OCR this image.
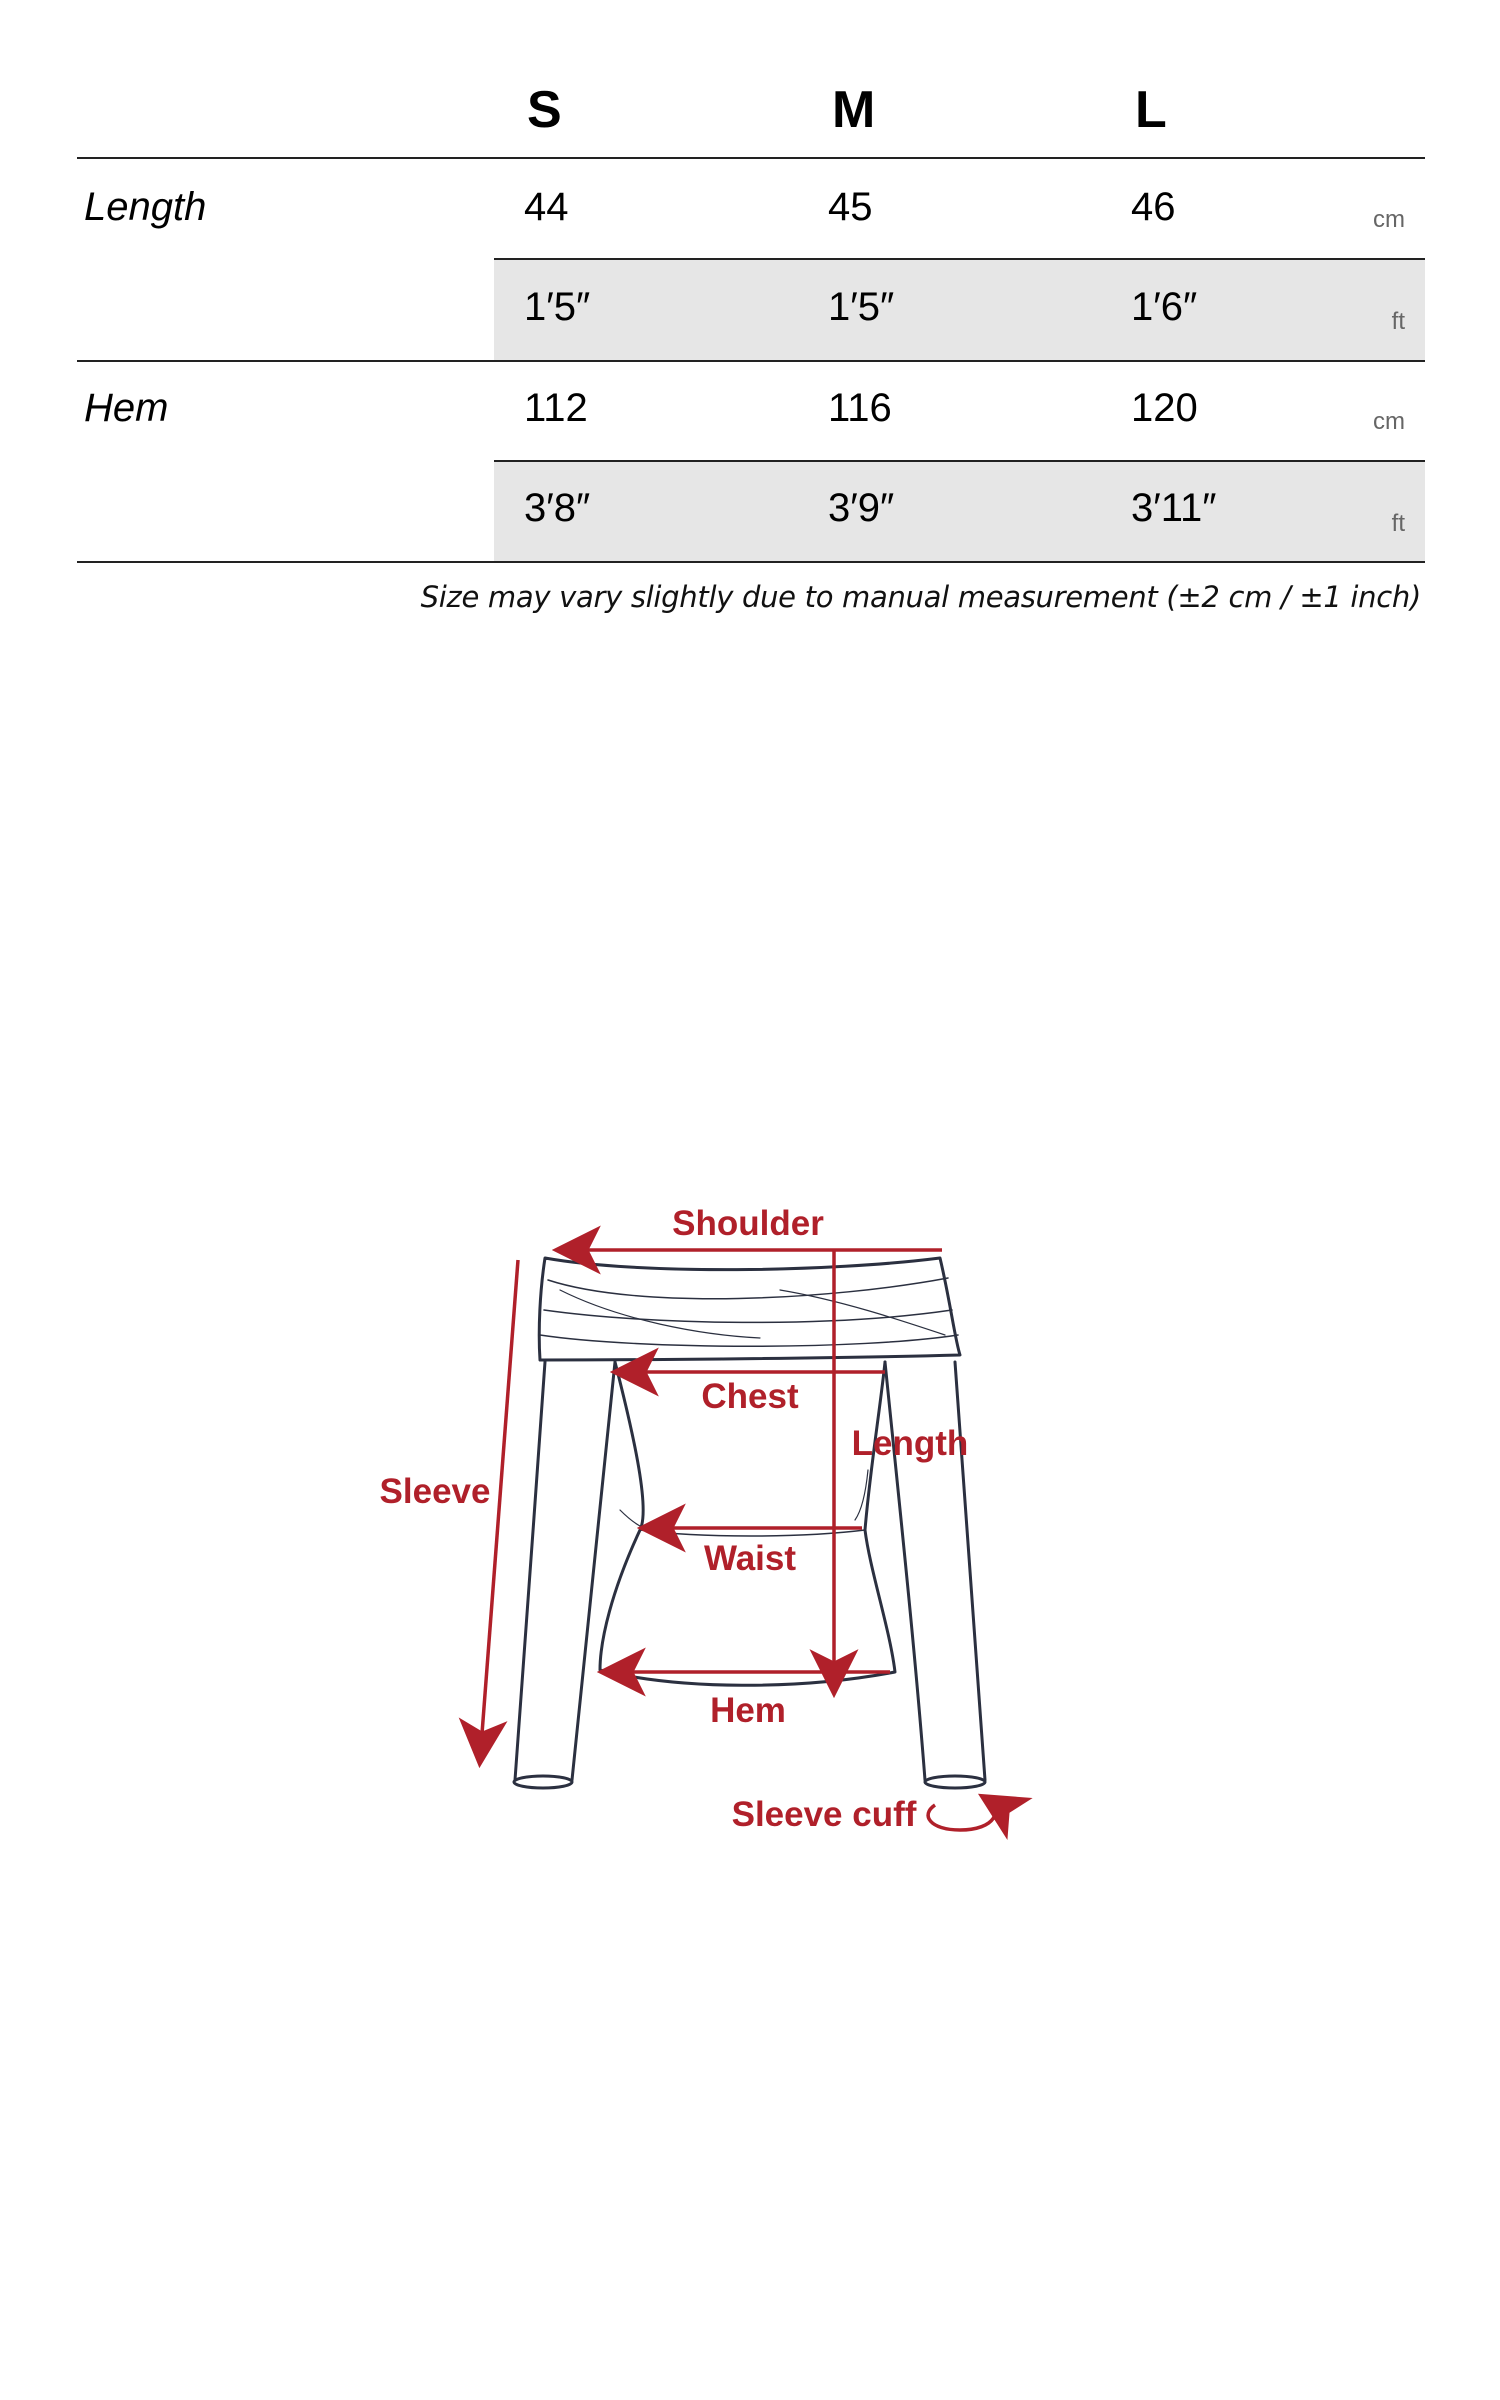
S	M	L
Length	44	45	46	cm
1′5″	1′5″	1′6″	ft
Hem	112	116	120	cm
3′8″	3′9″	3′11″	ft
Size may vary slightly due to manual measurement (±2 cm / ±1 inch)
Shoulder
Chest
Length
Sleeve
Waist
Hem
Sleeve cuff
